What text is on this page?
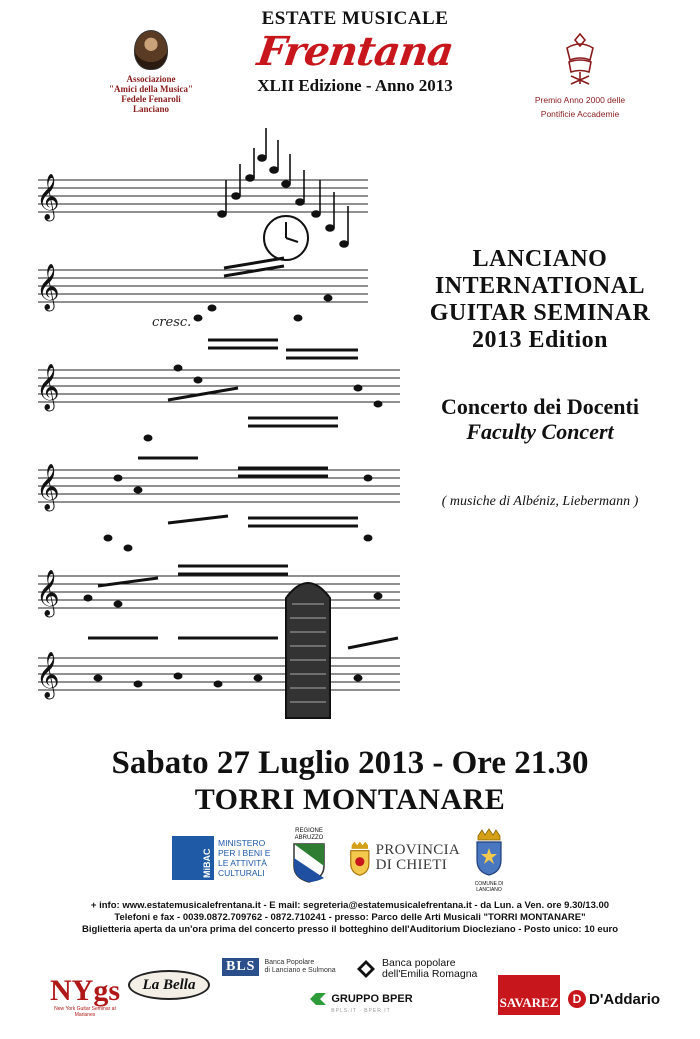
Associazione
"Amici della Musica"
Fedele Fenaroli
Lanciano
ESTATE MUSICALE
Frentana
XLII Edizione - Anno 2013
Premio Anno 2000 delle
Pontificie Accademie
𝄞
𝄞
𝄞
𝄞
𝄞
𝄞
cresc.
LANCIANO
INTERNATIONAL
GUITAR SEMINAR
2013 Edition
Concerto dei Docenti
Faculty Concert
( musiche di Albéniz, Liebermann )
Sabato 27 Luglio 2013 - Ore 21.30
TORRI MONTANARE
MiBAC
MINISTERO
PER I BENI E
LE ATTIVITÀ
CULTURALI
REGIONE
ABRUZZO
PROVINCIA
DI CHIETI
COMUNE DI LANCIANO
+ info: www.estatemusicalefrentana.it - E mail: segreteria@estatemusicalefrentana.it - da Lun. a Ven. ore 9.30/13.00
Telefoni e fax - 0039.0872.709762 - 0872.710241 - presso: Parco delle Arti Musicali "TORRI MONTANARE"
Biglietteria aperta da un'ora prima del concerto presso il botteghino dell'Auditorium Diocleziano - Posto unico: 10 euro
NYgs
New York Guitar Seminar at Marianes
La Bella
BLS	Banca Popolare
di Lanciano e Sulmona
Banca popolare
dell'Emilia Romagna
GRUPPO BPER
BPLS.IT · BPER.IT
SAVAREZ	D D'Addario
